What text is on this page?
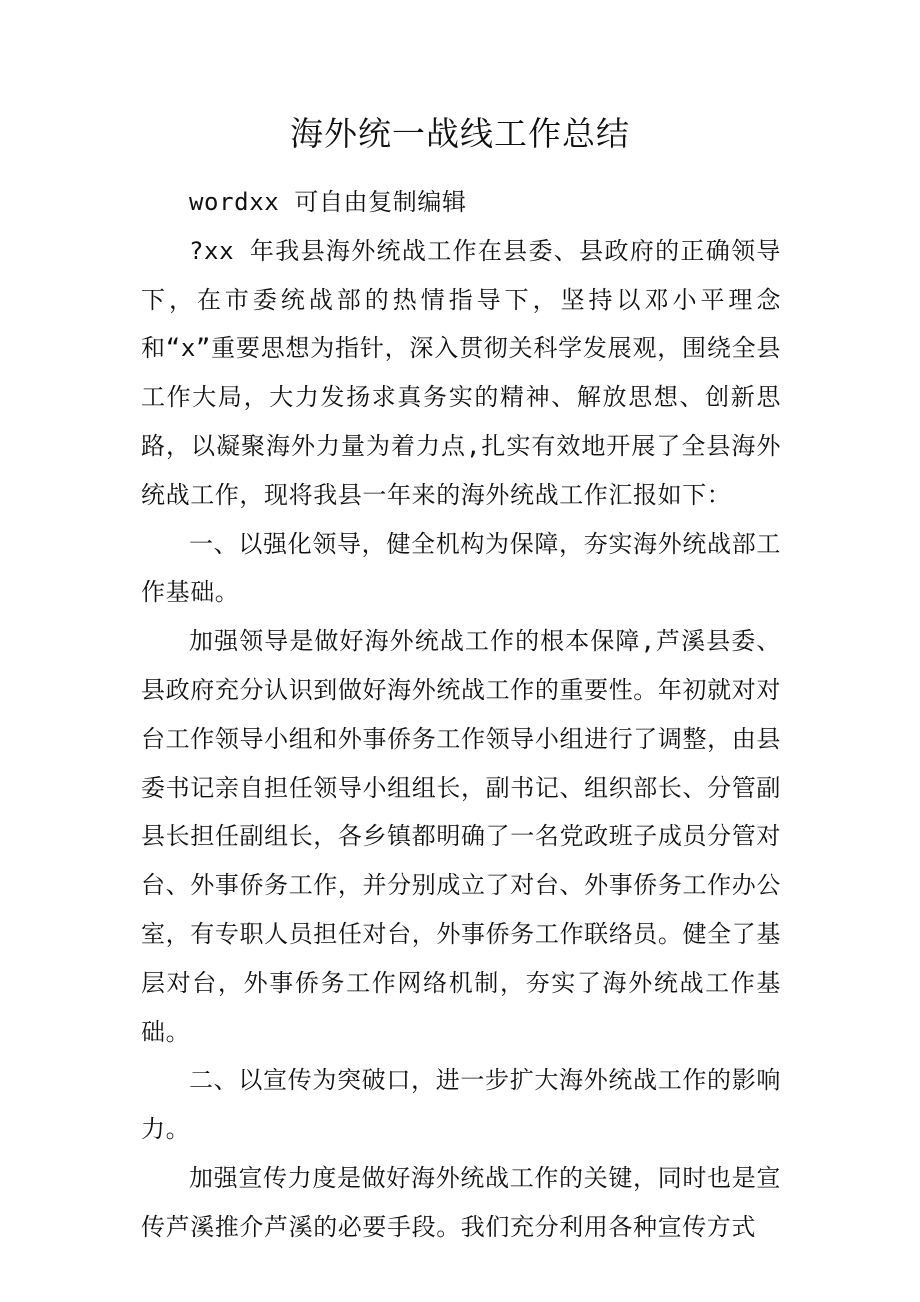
海外统一战线工作总结

wordxx 可自由复制编辑

?xx 年我县海外统战工作在县委、县政府的正确领导下，在市委统战部的热情指导下，坚持以邓小平理念和“x”重要思想为指针，深入贯彻关科学发展观，围绕全县工作大局，大力发扬求真务实的精神、解放思想、创新思路，以凝聚海外力量为着力点,扎实有效地开展了全县海外统战工作，现将我县一年来的海外统战工作汇报如下：

一、以强化领导，健全机构为保障，夯实海外统战部工作基础。

加强领导是做好海外统战工作的根本保障,芦溪县委、县政府充分认识到做好海外统战工作的重要性。年初就对对台工作领导小组和外事侨务工作领导小组进行了调整，由县委书记亲自担任领导小组组长，副书记、组织部长、分管副县长担任副组长，各乡镇都明确了一名党政班子成员分管对台、外事侨务工作，并分别成立了对台、外事侨务工作办公室，有专职人员担任对台，外事侨务工作联络员。健全了基层对台，外事侨务工作网络机制，夯实了海外统战工作基础。

二、以宣传为突破口，进一步扩大海外统战工作的影响力。

加强宣传力度是做好海外统战工作的关键，同时也是宣传芦溪推介芦溪的必要手段。我们充分利用各种宣传方式
